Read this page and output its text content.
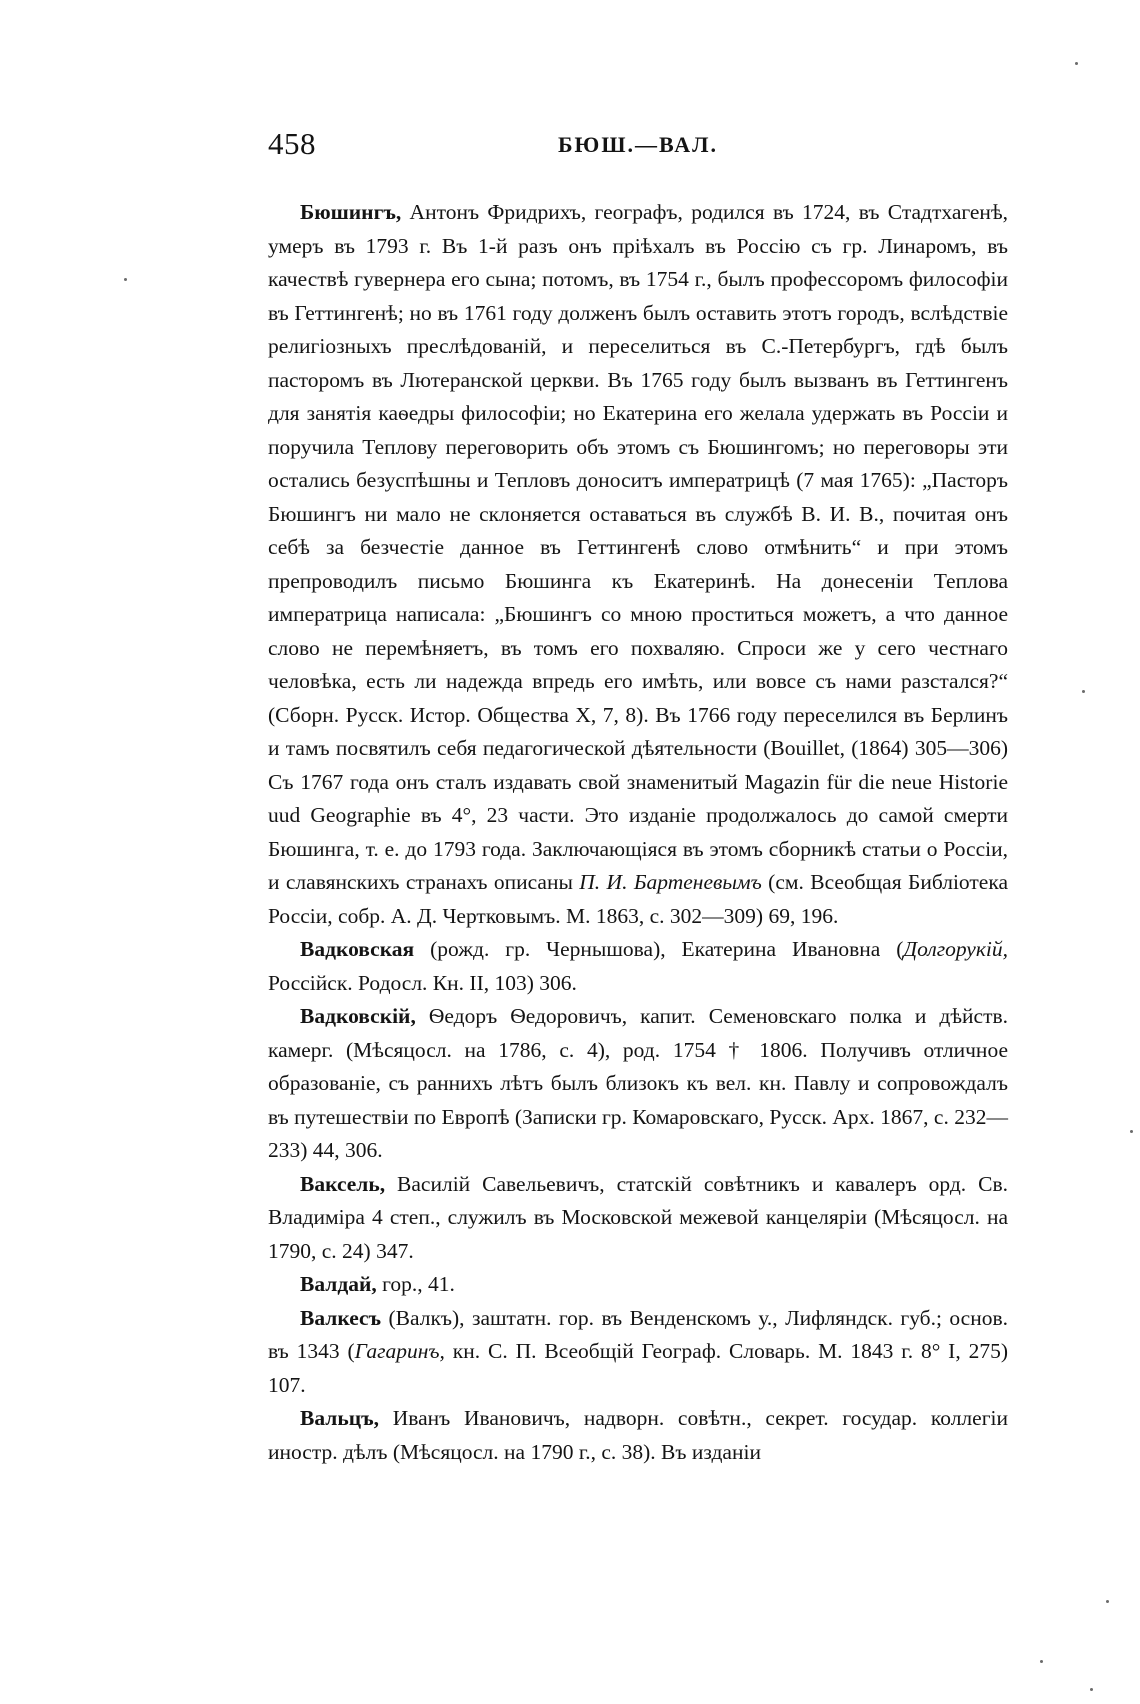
458	БЮШ.—ВАЛ.

Бюшингъ, Антонъ Фридрихъ, географъ, родился въ 1724, въ Стадтхагенѣ, умеръ въ 1793 г. Въ 1-й разъ онъ пріѣхалъ въ Россію съ гр. Линаромъ, въ качествѣ гувернера его сына; потомъ, въ 1754 г., былъ профессоромъ философіи въ Геттингенѣ; но въ 1761 году долженъ былъ оставить этотъ городъ, вслѣдствіе религіозныхъ преслѣдованій, и переселиться въ С.-Петербургъ, гдѣ былъ пасторомъ въ Лютеранской церкви. Въ 1765 году былъ вызванъ въ Геттингенъ для занятія каѳедры философіи; но Екатерина его желала удержать въ Россіи и поручила Теплову переговорить объ этомъ съ Бюшингомъ; но переговоры эти остались безуспѣшны и Тепловъ доноситъ императрицѣ (7 мая 1765): „Пасторъ Бюшингъ ни мало не склоняется оставаться въ службѣ В. И. В., почитая онъ себѣ за безчестіе данное въ Геттингенѣ слово отмѣнить“ и при этомъ препроводилъ письмо Бюшинга къ Екатеринѣ. На донесеніи Теплова императрица написала: „Бюшингъ со мною проститься можетъ, а что данное слово не перемѣняетъ, въ томъ его похваляю. Спроси же у сего честнаго человѣка, есть ли надежда впредь его имѣть, или вовсе съ нами разстался?“ (Сборн. Русск. Истор. Общества X, 7, 8). Въ 1766 году переселился въ Берлинъ и тамъ посвятилъ себя педагогической дѣятельности (Bouillet, (1864) 305—306) Съ 1767 года онъ сталъ издавать свой знаменитый Magazin für die neue Historie uud Geographie въ 4°, 23 части. Это изданіе продолжалось до самой смерти Бюшинга, т. е. до 1793 года. Заключающіяся въ этомъ сборникѣ статьи о Россіи, и славянскихъ странахъ описаны П. И. Бартеневымъ (см. Всеобщая Библіотека Россіи, собр. А. Д. Чертковымъ. М. 1863, с. 302—309) 69, 196.

Вадковская (рожд. гр. Чернышова), Екатерина Ивановна (Долгорукій, Россійск. Родосл. Кн. II, 103) 306.

Вадковскій, Ѳедоръ Ѳедоровичъ, капит. Семеновскаго полка и дѣйств. камерг. (Мѣсяцосл. на 1786, с. 4), род. 1754 † 1806. Получивъ отличное образованіе, съ раннихъ лѣтъ былъ близокъ къ вел. кн. Павлу и сопровождалъ въ путешествіи по Европѣ (Записки гр. Комаровскаго, Русск. Арх. 1867, с. 232—233) 44, 306.

Ваксель, Василій Савельевичъ, статскій совѣтникъ и кавалеръ орд. Св. Владиміра 4 степ., служилъ въ Московской межевой канцеляріи (Мѣсяцосл. на 1790, с. 24) 347.

Валдай, гор., 41.

Валкесъ (Валкъ), заштатн. гор. въ Венденскомъ у., Лифляндск. губ.; основ. въ 1343 (Гагаринъ, кн. С. П. Всеобщій Географ. Словарь. М. 1843 г. 8° I, 275) 107.

Вальцъ, Иванъ Ивановичъ, надворн. совѣтн., секрет. государ. коллегіи иностр. дѣлъ (Мѣсяцосл. на 1790 г., с. 38). Въ изданіи
